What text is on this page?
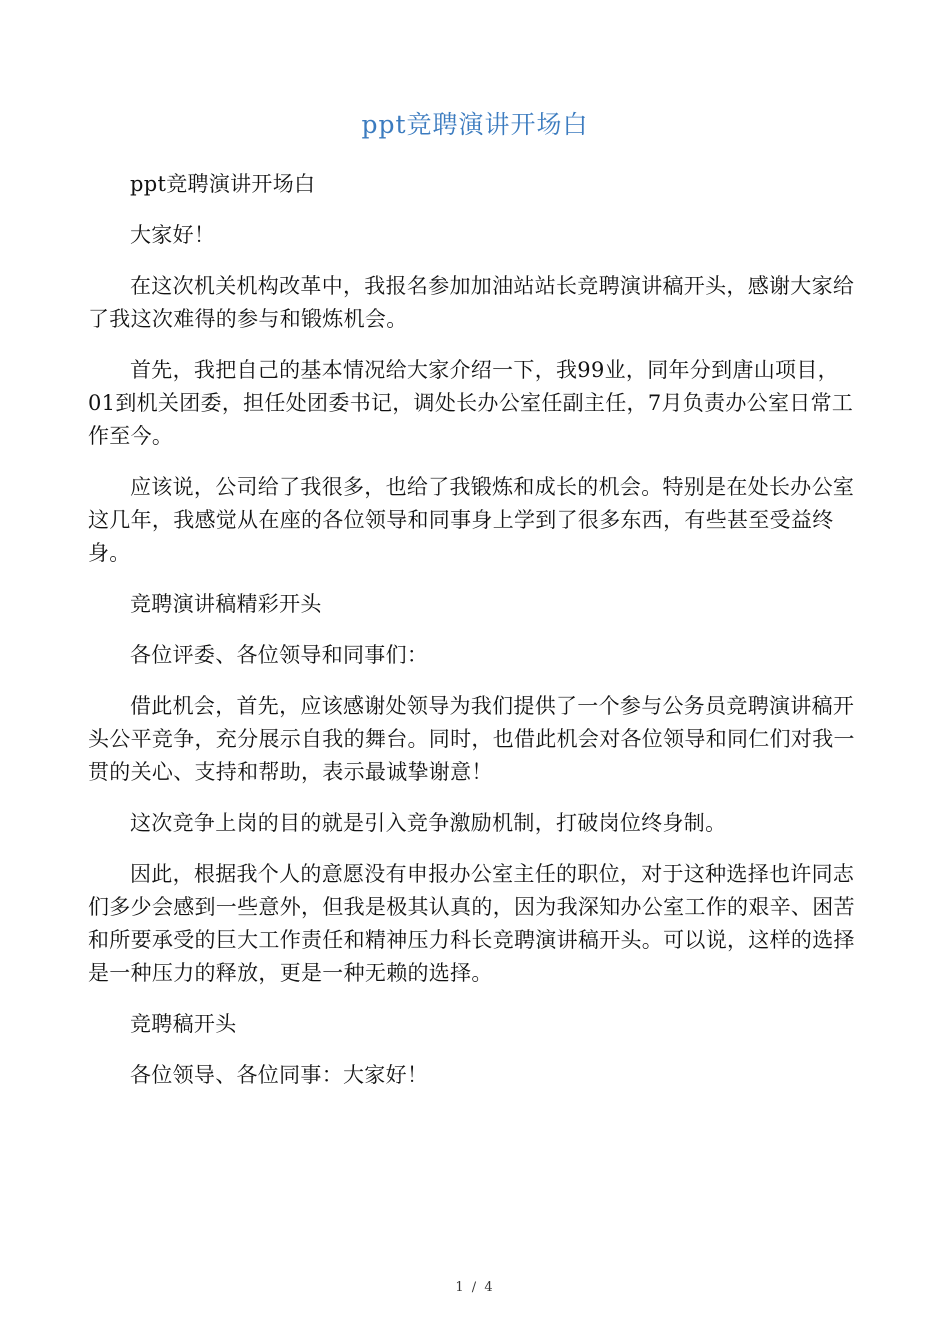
ppt竞聘演讲开场白

ppt竞聘演讲开场白

大家好！

在这次机关机构改革中，我报名参加加油站站长竞聘演讲稿开头，感谢大家给了我这次难得的参与和锻炼机会。

首先，我把自己的基本情况给大家介绍一下，我99业，同年分到唐山项目，01到机关团委，担任处团委书记，调处长办公室任副主任，7月负责办公室日常工作至今。

应该说，公司给了我很多，也给了我锻炼和成长的机会。特别是在处长办公室这几年，我感觉从在座的各位领导和同事身上学到了很多东西，有些甚至受益终身。

竞聘演讲稿精彩开头

各位评委、各位领导和同事们：

借此机会，首先，应该感谢处领导为我们提供了一个参与公务员竞聘演讲稿开头公平竞争，充分展示自我的舞台。同时，也借此机会对各位领导和同仁们对我一贯的关心、支持和帮助，表示最诚挚谢意！

这次竞争上岗的目的就是引入竞争激励机制，打破岗位终身制。

因此，根据我个人的意愿没有申报办公室主任的职位，对于这种选择也许同志们多少会感到一些意外，但我是极其认真的，因为我深知办公室工作的艰辛、困苦和所要承受的巨大工作责任和精神压力科长竞聘演讲稿开头。可以说，这样的选择是一种压力的释放，更是一种无赖的选择。

竞聘稿开头

各位领导、各位同事：大家好！

1 / 4
